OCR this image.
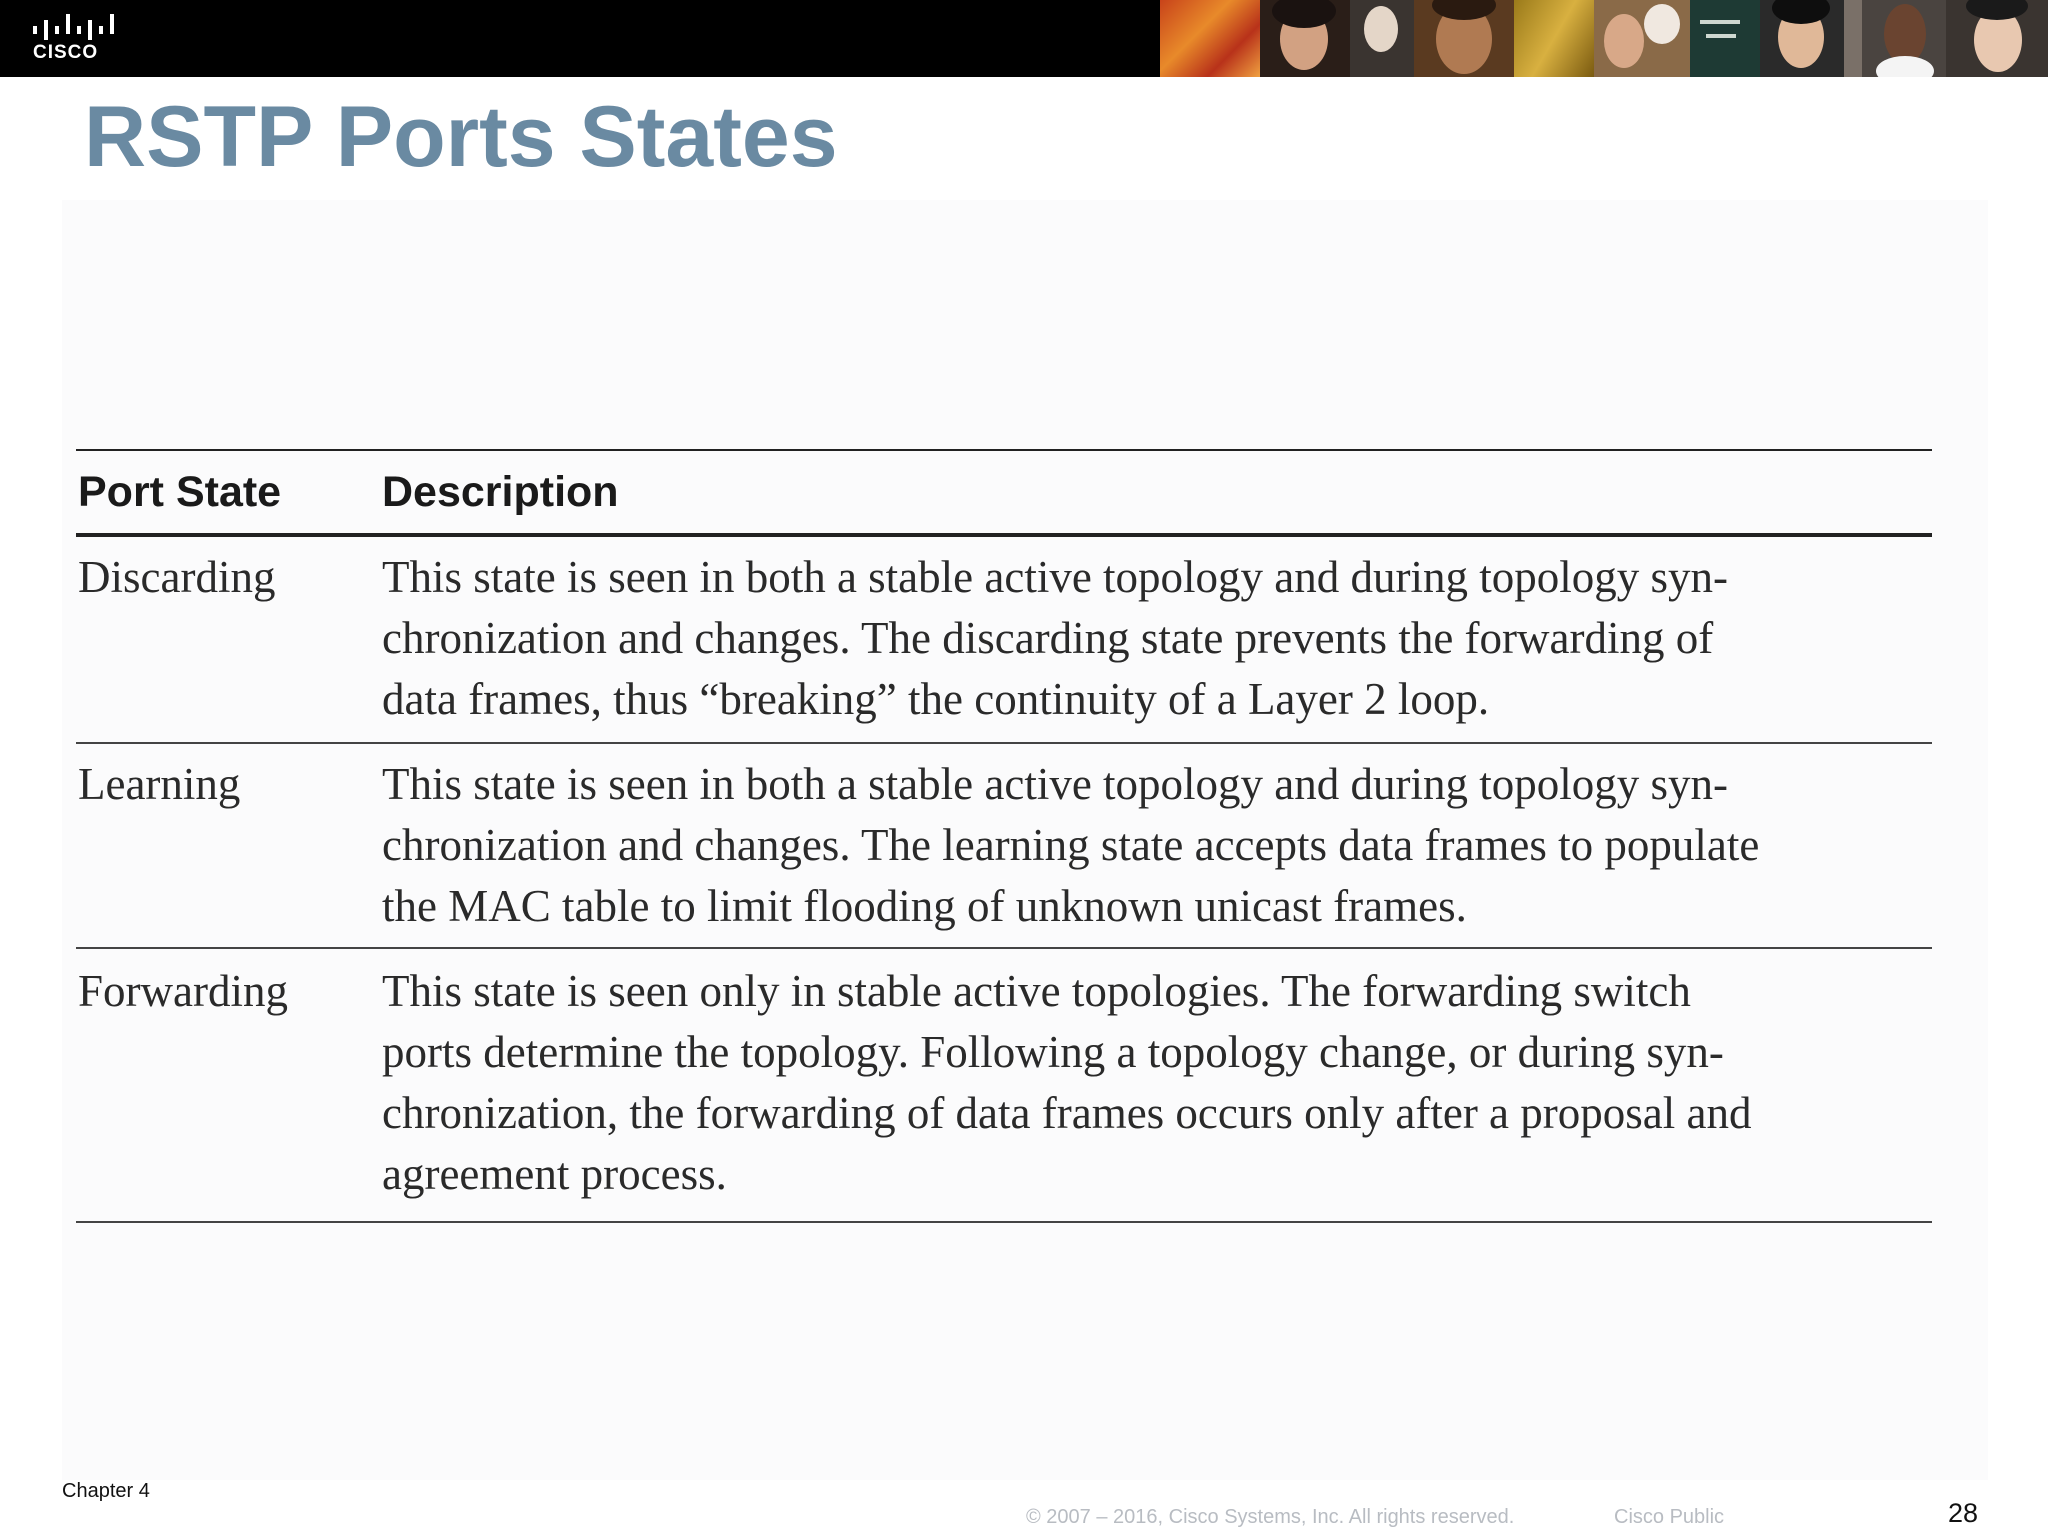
CISCO
RSTP Ports States
Port State	Description
Discarding	This state is seen in both a stable active topology and during topology syn-
chronization and changes. The discarding state prevents the forwarding of
data frames, thus “breaking” the continuity of a Layer 2 loop.
Learning	This state is seen in both a stable active topology and during topology syn-
chronization and changes. The learning state accepts data frames to populate
the MAC table to limit flooding of unknown unicast frames.
Forwarding	This state is seen only in stable active topologies. The forwarding switch
ports determine the topology. Following a topology change, or during syn-
chronization, the forwarding of data frames occurs only after a proposal and
agreement process.
Chapter 4
© 2007 – 2016, Cisco Systems, Inc. All rights reserved.	Cisco Public	28
